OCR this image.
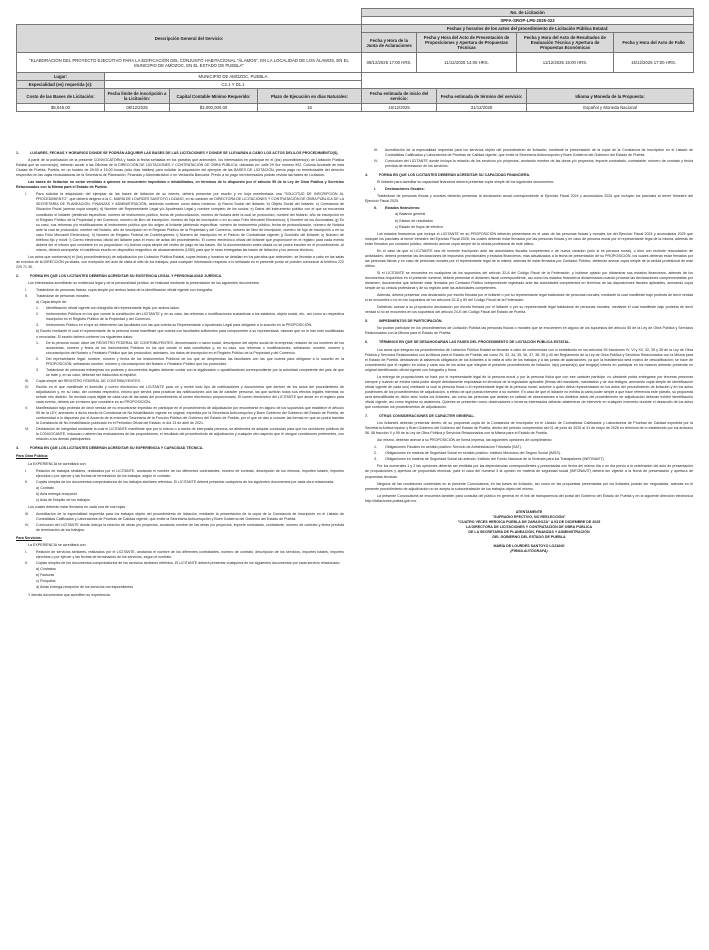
				No. de Licitación					
				SPFA-SROP-LPE-2025-023					
Descripción General del Servicio:				Fechas y horarios de los actos del procedimiento de Licitación Pública Estatal:					
				Fecha y Hora de la Junta de Aclaraciones	Fecha y Hora del Acto de Presentación de Proposiciones y Apertura de Propuestas Técnicas		Fecha y Hora del Acto de Resultados de Evaluación Técnica y Apertura de Propuestas Económicas		Fecha y Hora del Acto de Fallo
"ELABORACIÓN DEL PROYECTO EJECUTIVO PARA LA EDIFICACIÓN DEL CONJUNTO HABITACIONAL "ÁLAMOS", EN LA LOCALIDAD DE LOS ÁLAMOS, EN EL MUNICIPIO DE AMOZOC, EN EL ESTADO DE PUEBLA"				08/12/2025 17:00 HRS.	11/12/2025 14:00 HRS.		11/12/2025 15:00 HRS.		15/12/2025 17:00 HRS.
Lugar:	MUNICIPIO DE AMOZOC, PUEBLA								
Especialidad (es) requerida (s):	C2.1 Y D1.1								
Costo de las Bases de Licitación:	Fecha límite de inscripción a la Licitación:	Capital Contable Mínimo Requerido:	Plazo de Ejecución en días Naturales:	Fecha estimada de inicio del servicio:		Fecha estimada de término del servicio:		Idioma y Moneda de la Propuesta:	
$5,045.00	08/12/2025	$3,000,000.00	16	16/12/2025		31/12/2025		Español y Moneda Nacional	
1.	LUGARES, FECHAS Y HORARIOS DONDE SE PODRÁN ADQUIRIR LAS BASES DE LAS LICITACIONES Y DONDE SE LLEVARÁN A CABO LOS ACTOS DEL/LOS PROCEDIMIENTO(S).
A partir de la publicación de la presente CONVOCATORIA y hasta la fecha señalada en los párrafos que anteceden, los interesados en participar en el (los) procedimiento(s) de Licitación Pública Estatal que se convoca(n), deberán acudir a las Oficinas de la DIRECCIÓN DE LICITACIONES Y CONTRATACIÓN DE OBRA PÚBLICA, ubicadas en: calle 29 Sur número 902, Colonia Azcárate de esta Ciudad de Puebla, Puebla, en un horario de 09:00 a 15:00 horas (sólo días hábiles) para solicitar la adquisición del ejemplar de las BASES DE LICITACIÓN, previo pago no reembolsable del derecho respectivo en las cajas recaudadoras de la Secretaría de Planeación, Finanzas y Administración o en Ventanilla Bancaria. Previo a su pago los interesados podrán revisar las bases de Licitación.
Las bases de licitación no serán vendidas a quienes se encuentren impedidos o inhabilitados, en términos de lo dispuesto por el artículo 55 de la Ley de Obra Pública y Servicios Relacionados con la Misma para el Estado de Puebla.
I.	Para solicitar la adquisición del ejemplar de las bases de licitación de su interés, deberá presentar por escrito y en hoja membretada una "SOLICITUD DE INSCRIPCIÓN AL PROCEDIMIENTO", que deberá dirigirse a la C. MARÍA DE LOURDES SANTOYO LOZANO, en su carácter de DIRECTORA DE LICITACIONES Y CONTRATACIÓN DE OBRA PÚBLICA DE LA SECRETARÍA DE PLANEACIÓN, FINANZAS Y ADMINISTRACIÓN, debiendo contener como datos mínimos: a) Razón Social del licitante; b) Objeto Social del licitante; c) Constancia de Situación Fiscal (anexar copia simple); d) Nombre del Representante Legal y/o Apoderado Legal y nombre completo de los socios; e) Datos del instrumento público con el que se encuentra constituido el licitante (debiendo especificar: número de instrumento público, fecha de protocolización, número de Notaría ante la cual se protocolizó, nombre del Notario, año de inscripción en el Registro Público de la Propiedad y del Comercio, número de libro de inscripción, número de foja de inscripción o en su caso Folio Mercantil Electrónico); f) Nombre de los Accionistas; g) En su caso, sus reformas y/o modificaciones al instrumento público que dio origen al licitante (debiendo especificar: número de instrumento público, fecha de protocolización, número de Notaría ante la cual se protocolizó, nombre del Notario, año de inscripción en el Registro Público de la Propiedad y del Comercio, número de libro de inscripción, número de foja de inscripción o en su caso Folio Mercantil Electrónico); h) Número de Registro Federal de Contribuyentes; i) Número de Inscripción en el Padrón de Contratistas vigente; j) Domicilio del licitante; k) Número de teléfono fijo y móvil; l) Correo electrónico oficial del licitante para el envío de actas del procedimiento. El correo electrónico oficial del licitante que proporcione en el registro para cada evento deberá ser el mismo que considere en su proposición. m) Anexar copia simple del recibo de pago de las bases. Sin la documentación antes citada no se podrá inscribir en el procedimiento. Al mismo, deberá acompañar el manifiesto escrito en dispositivo magnético de almacenamiento (USB) para que le sean entregadas las bases de licitación y los anexos técnicos.
Los actos que conforma(n) el (los) procedimiento(s) de adjudicación por Licitación Pública Estatal, cuyas fechas y horarios se detallan en los párrafos que anteceden, se llevarán a cabo en las salas de eventos de la DIRECCIÓN ya citada, con excepción del acto de visita al sitio de los trabajos; para cualquier información respecto a lo señalado en el presente punto se pueden comunicar al teléfono 222 229 71 30.
2.	FORMA EN QUE LOS LICITANTES DEBERÁN ACREDITAR SU EXISTENCIA LEGAL Y PERSONALIDAD JURÍDICA.
Los interesados acreditarán su existencia legal y de la personalidad jurídica, se realizará mediante la presentación de los siguientes documentos:
I.	Tratándose de personas físicas: copia simple por ambos lados de la identificación oficial vigente con fotografía.
II. Tratándose de personas morales:
a) Copia simple de:
1. Identificación oficial vigente con fotografía del representante legal, por ambos lados.
2. Instrumentos Públicos en los que conste la constitución del LICITANTE y, en su caso, las reformas o modificaciones sustantivas a los estatutos, objeto social, etc., así como su respectiva inscripción en el Registro Público de la Propiedad y del Comercio.
3. Instrumento Público en el que se determinen las facultades con las que cuenta su Representante o Apoderado Legal para obligarse a lo suscrito en la PROPOSICIÓN.
b) Escrito mediante el cual el representante de la persona moral manifieste que cuenta con facultades suficientes para comprometer a su representada, mismas que no le han sido modificadas o revocadas. El escrito deberá contener los siguientes datos:
1. De la persona moral: clave del REGISTRO FEDERAL DE CONTRIBUYENTES, denominación o razón social, descripción del objeto social de la empresa; relación de los nombres de los accionistas, número y fecha de los Instrumentos Públicos en los que conste el acta constitutiva y, en su caso, sus reformas o modificaciones, señalando: nombre, número y circunscripción del Notario o Fedatario Público que las protocolizó; asimismo, los datos de inscripción en el Registro Público de la Propiedad y del Comercio.
2. Del representante legal: nombre, número y fecha de los Instrumentos Públicos de los que se desprendan las facultades con las que cuenta para obligarse a lo suscrito en la PROPOSICIÓN, señalando nombre, número y circunscripción del Notario o Fedatario Público que los protocolizó.
3. Tratándose de personas extranjeras los poderes y documentos legales deberán contar con la legalización o apostillamiento correspondiente por la autoridad competente del país de que se trate y, en su caso, deberán ser traducidos al español.
III. Copia simple del REGISTRO FEDERAL DE CONTRIBUYENTES.
IV. Escrito en el que manifieste el domicilio y correo electrónico del LICITANTE para oír y recibir todo tipo de notificaciones y documentos que deriven de los actos del procedimiento de adjudicación y, en su caso, del contrato respectivo, mismo que servirá para practicar las notificaciones aún las de carácter personal, las que surtirán todos sus efectos legales mientras no señale otro distinto. Se enviará copia digital de cada una de las actas del procedimiento al correo electrónico proporcionado. El correo electrónico del LICITANTE que anote en el registro para cada evento, deberá ser el mismo que considere en su PROPOSICIÓN.
V. Manifestación bajo protesta de decir verdad de no encontrarse impedido en participar en el procedimiento de adjudicación por encontrarse en alguno de los supuestos que establece el artículo 55 de la LEY, anexando a dicho escrito la Constancia de No Inhabilitación vigente en original, expedida por la Secretaría Anticorrupción y Buen Gobierno del Gobierno del Estado de Puebla, de conformidad a lo dispuesto por el Acuerdo de la entonces Secretaría de la Función Pública del Gobierno del Estado de Puebla, por el que se dan a conocer las formas en que se podrá tramitar la Constancia de No Inhabilitación publicado en el Periódico Oficial del Estado, el día 13 de abril de 2021.
VI. Declaración de integridad mediante la cual el LICITANTE manifieste que por sí mismo o a través de interpósita persona, se abstendrá de adoptar conductas para que los servidores públicos de la CONVOCANTE, induzcan o alteren las evaluaciones de las proposiciones, el resultado del procedimiento de adjudicación y cualquier otro aspecto que le otorgue condiciones preferentes, con relación a los demás participantes.
3.	FORMA EN QUE LOS LICITANTES DEBERÁN ACREDITAR SU EXPERIENCIA Y CAPACIDAD TÉCNICA.
Para Obra Pública:
La EXPERIENCIA se acreditará con:
I.	Relación de trabajos similares, realizados por el LICITANTE, anotando el nombre de los diferentes contratantes, número de contrato, descripción de los mismos, importes totales, importes ejercidos o por ejercer y las fechas de terminación de los trabajos, según el contrato.
II. Copias simples de los documentos comprobatorios de los trabajos similares referidos. El LICITANTE deberá presentar cualquiera de los siguientes documentos por cada obra relacionada:
a) Contrato
b) Acta entrega-recepción
c) Acta de finiquito de los trabajos
Los cuales deberán estar firmados en cada una de sus hojas.
III. Acreditación de la especialidad requerida para los trabajos objeto del procedimiento de licitación, mediante la presentación de la copia de la Constancia de Inscripción en el Listado de Contratistas Calificados y Laboratorios de Pruebas de Calidad vigente, que emite la Secretaría Anticorrupción y Buen Gobierno del Gobierno del Estado de Puebla.
IV. Currículum del LICITANTE donde incluya la relación de obras y/o proyectos, anotando nombre de las obras y/o proyectos, importe contratado, contratante, número de contrato y fecha prevista de terminación de los trabajos.
Para Servicios:
La EXPERIENCIA se acreditará con:
I.	Relación de servicios similares, realizados por el LICITANTE, anotando el nombre de los diferentes contratantes, número de contrato, descripción de los servicios, importes totales, importes ejercidos o por ejercer y las fechas de terminación de los servicios, según el contrato.
II. Copias simples de los documentos comprobatorios de los servicios similares referidos. El LICITANTE deberá presentar cualquiera de los siguientes documentos por cada servicio relacionado:
a) Contratos
b) Facturas
c) Finiquitos
d) Actas entrega-recepción de los servicios correspondientes
Y demás documentos que acrediten su experiencia.
III. Acreditación de la especialidad requerida para los servicios objeto del procedimiento de licitación, mediante la presentación de la copia de la Constancia de Inscripción en el Listado de Contratistas Calificados y Laboratorios de Pruebas de Calidad vigente, que emite la Secretaría Anticorrupción y Buen Gobierno del Gobierno del Estado de Puebla.
IV. Currículum del LICITANTE donde incluya la relación de los servicios y/o proyectos, anotando nombre de las obras y/o proyectos, importe contratado, contratante, número de contrato y fecha prevista de terminación de los servicios.
4.	FORMA EN QUE LOS LICITANTES DEBERÁN ACREDITAR SU CAPACIDAD FINANCIERA.
El licitante para acreditar su capacidad financiera deberá presentar copia simple de los siguientes documentos:
I.	Declaraciones fiscales:
Tratándose de personas físicas y morales deberán presentar la declaración anual correspondiente al Ejercicio Fiscal 2024 y acumulados 2025 que incluyen los parciales al tercer trimestre del Ejercicio Fiscal 2025.
II. Estados financieros:
a) Balance general
b) Estado de resultados
c) Estado de flujos de efectivo
Los estados financieros que incluya el LICITANTE en su PROPOSICIÓN deberán presentarse en el caso de las personas físicas y morales los del Ejercicio Fiscal 2024 y acumulados 2025 que incluyan los parciales al tercer trimestre del Ejercicio Fiscal 2025; los cuales deberán estar firmados por las personas físicas y en caso de persona moral por el representante legal de la misma, además de estar firmados por contador público, debiendo anexar copia simple de la cédula profesional de este último.
En el caso de que el LICITANTE sea de reciente inscripción ante las autoridades fiscales competentes o de nueva creación (sólo si es persona moral), o bien con reciente reanudación de actividades, deberá presentar las declaraciones de impuestos provisionales y estados financieros, más actualizados a la fecha de presentación de su PROPOSICIÓN, los cuales deberán estar firmados por las personas físicas y en caso de personas morales por el representante legal de la misma, además de estar firmados por Contador Público, debiendo anexar copia simple de la cédula profesional de este último.
Si el LICITANTE se encuentra en cualquiera de los supuestos del artículo 32-A del Código Fiscal de la Federación, y hubiese optado por dictaminar sus estados financieros, además de los documentos requeridos en el presente numeral, deberá presentar el dictamen fiscal correspondiente, así como los estados financieros dictaminados cuando proceda las declaraciones complementarias por dictamen, documentos que deberán estar firmados por Contador Público independiente registrado ante las autoridades competentes en términos de las disposiciones fiscales aplicables, anexando copia simple de su cédula profesional y de su registro ante las autoridades competentes.
Además, deberá presentar una declaración por escrito firmada por el licitante o por su representante legal tratándose de personas morales, mediante la cual manifieste bajo protesta de decir verdad si se encuentra o no en los supuestos de los artículos 32-D y 69 del Código Fiscal de la Federación.
Debiendo anexar a su proposición declaración por escrito firmada por el licitante o por su representante legal tratándose de personas morales, mediante el cual manifieste bajo protesta de decir verdad si no se encuentra en los supuestos del artículo 24-E del Código Fiscal del Estado de Puebla.
5.	IMPEDIMENTOS DE PARTICIPACIÓN.
No podrán participar en los procedimientos de Licitación Pública las personas físicas o morales que se encuentren en alguno de los supuestos del artículo 55 de la Ley de Obra Pública y Servicios Relacionados con la Misma para el Estado de Puebla.
6.	TÉRMINOS EN QUE SE DESAHOGARÁN LAS FASES DEL PROCEDIMIENTO DE LICITACIÓN PÚBLICA ESTATAL.
Los actos que integran los procedimientos de Licitación Pública Estatal se llevarán a cabo de conformidad con lo establecido en los artículos 35 fracciones IV, VI y XV, 32, 35 y 36 de la Ley de Obra Pública y Servicios Relacionados con la Misma para el Estado de Puebla, así como 25, 33, 34, 35, 36, 37, 38, 39 y 40 del Reglamento de la Ley de Obra Pública y Servicios Relacionados con la Misma para el Estado de Puebla, destacando la asistencia obligatoria de los licitantes a la visita al sitio de los trabajos y a las juntas de aclaraciones, ya que la inasistencia será motivo de descalificación; se hace de conocimiento que el registro en todos y cada uno de los actos que integran el presente procedimiento de licitación, la(s) persona(s) que tenga(n) interés en participar en los mismos deberán presentar en original identificación oficial vigente con fotografía y firma.
La entrega de proposiciones se hará por el representante legal de la persona moral o por la persona física que con ese carácter participe, no obstante podrá entregarse por terceras personas siempre y cuando se exhiba carta poder simple debidamente requisitada en términos de la legislación aplicable (firmas del mandante, mandatario y de dos testigos, anexando copia simple de identificación oficial vigente de cada uno) mediante la cual la persona física o el representante legal de la persona moral, autorice a quien dicha representación en los actos del procedimiento de licitación y en los actos posteriores de los procedimientos de adjudicación, a efecto de que pueda intervenir a su nombre. En caso de que el licitante no exhiba la carta poder simple a que hace referencia este párrafo, su propuesta será descalificada en dicho acto; todos los licitantes, así como las personas que asistan en calidad de observadores a los distintos actos del procedimiento de adjudicación deberán exhibir identificación oficial vigente, así como registrar su asistencia. Quienes se presenten como observadores o terceros interesados deberán abstenerse de intervenir en cualquier momento durante el desarrollo de los actos que conforman los procedimientos de adjudicación.
7.	OTRAS CONSIDERACIONES DE CARÁCTER GENERAL.
Los licitantes deberán presentar dentro de su propuesta copia de la Constancia de Inscripción en el Listado de Contratistas Calificados y Laboratorios de Pruebas de Calidad expedida por la Secretaría Anticorrupción y Buen Gobierno del Gobierno del Estado de Puebla, dentro del periodo comprendido del 01 de junio de 2025 al 31 de mayo de 2026 en términos de lo establecido por los artículos 56, 58 fracción V y 59 de la Ley de Obra Pública y Servicios Relacionados con la Misma para el Estado de Puebla.
Así mismo, deberán anexar a su PROPOSICIÓN de forma impresa, las siguientes opiniones de cumplimiento:
1. Obligaciones Fiscales en sentido positivo: Servicio de Administración Tributaria (SAT).
2. Obligaciones en materia de Seguridad Social en sentido positivo: Instituto Mexicano del Seguro Social (IMSS).
3. Obligaciones en materia de Seguridad Social sin adeudo: Instituto del Fondo Nacional de la Vivienda para los Trabajadores (INFONAVIT).
Por los numerales 1 y 2 las opiniones deberán ser emitidas por las dependencias correspondientes y presentadas con fecha del mismo día o un día previo a la celebración del acto de presentación de proposiciones y apertura de propuestas técnicas; para el caso del numeral 3 la opinión en materia de seguridad social (INFONAVIT) deberá ser vigente a la fecha de presentación y apertura de propuestas técnicas.
Ninguna de las condiciones contenidas en la presente Convocatoria, en las bases de licitación, así como en las propuestas presentadas por los licitantes podrán ser negociadas; además en el presente procedimiento de adjudicación no se acepta la subcontratación de los trabajos objeto del mismo.
La presente Convocatoria se encuentra también para consulta del público en general en el link de transparencia del portal del Gobierno del Estado de Puebla y en la siguiente dirección electrónica http://licitaciones.puebla.gob.mx.
ATENTAMENTE
"SUFRAGIO EFECTIVO, NO REELECCIÓN"
"CUATRO VECES HEROICA PUEBLA DE ZARAGOZA" A 03 DE DICIEMBRE DE 2025
LA DIRECTORA DE LICITACIONES Y CONTRATACIÓN DE OBRA PÚBLICA
DE LA SECRETARÍA DE PLANEACIÓN, FINANZAS Y ADMINISTRACIÓN
DEL GOBIERNO DEL ESTADO DE PUEBLA
MARÍA DE LOURDES SANTOYO LOZANO
(FIRMA AUTÓGRAFA)
